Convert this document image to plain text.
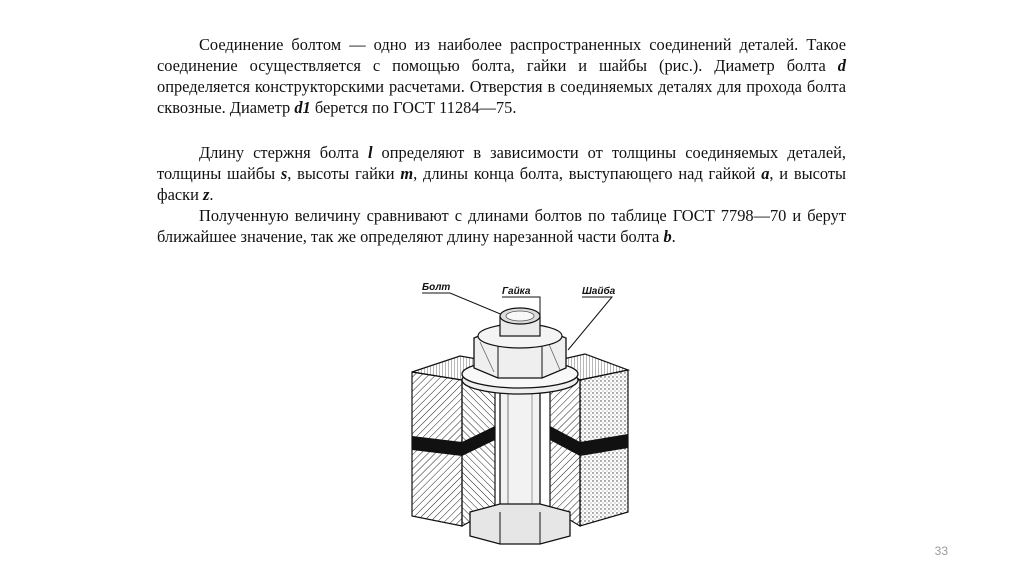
Соединение болтом — одно из наиболее распространенных соединений деталей. Такое соединение осуществляется с помощью болта, гайки и шайбы (рис.). Диаметр болта d определяется конструкторскими расчетами. Отверстия в соединяемых деталях для прохода болта сквозные. Диаметр d1 берется по ГОСТ 11284—75.

Длину стержня болта l определяют в зависимости от толщины соединяемых деталей, толщины шайбы s, высоты гайки m, длины конца болта, выступающего над гайкой a, и высоты фаски z.

Полученную величину сравнивают с длинами болтов по таблице ГОСТ 7798—70 и берут ближайшее значение, так же определяют длину нарезанной части болта b.

Болт	Гайка	Шайба
33
